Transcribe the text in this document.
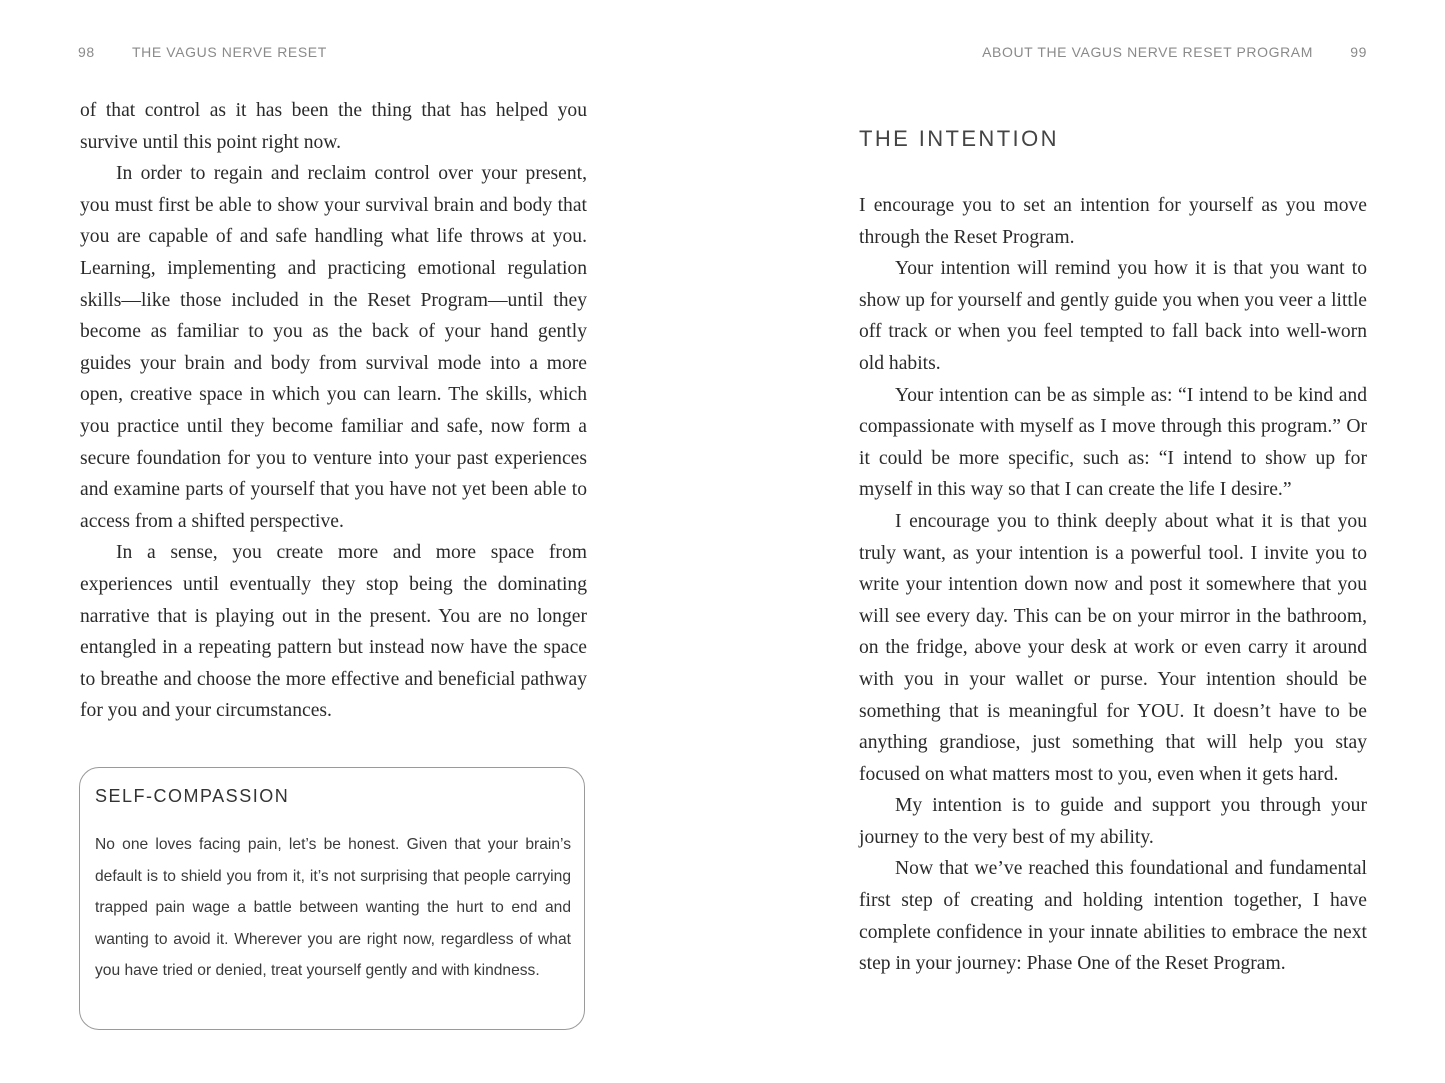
98	THE VAGUS NERVE RESET

of that control as it has been the thing that has helped you survive until this point right now.

In order to regain and reclaim control over your present, you must first be able to show your survival brain and body that you are capable of and safe handling what life throws at you. Learning, implementing and practicing emotional regulation skills—like those included in the Reset Program—until they become as familiar to you as the back of your hand gently guides your brain and body from survival mode into a more open, creative space in which you can learn. The skills, which you practice until they become familiar and safe, now form a secure foundation for you to venture into your past experiences and examine parts of yourself that you have not yet been able to access from a shifted perspective.

In a sense, you create more and more space from experiences until eventually they stop being the dominating narrative that is playing out in the present. You are no longer entangled in a repeating pattern but instead now have the space to breathe and choose the more effective and beneficial pathway for you and your circumstances.

SELF-COMPASSION

No one loves facing pain, let’s be honest. Given that your brain’s default is to shield you from it, it’s not surprising that people carrying trapped pain wage a battle between wanting the hurt to end and wanting to avoid it. Wherever you are right now, regardless of what you have tried or denied, treat yourself gently and with kindness.

ABOUT THE VAGUS NERVE RESET PROGRAM	99
THE INTENTION

I encourage you to set an intention for yourself as you move through the Reset Program.

Your intention will remind you how it is that you want to show up for yourself and gently guide you when you veer a little off track or when you feel tempted to fall back into well-worn old habits.

Your intention can be as simple as: “I intend to be kind and compassionate with myself as I move through this program.” Or it could be more specific, such as: “I intend to show up for myself in this way so that I can create the life I desire.”

I encourage you to think deeply about what it is that you truly want, as your intention is a powerful tool. I invite you to write your intention down now and post it somewhere that you will see every day. This can be on your mirror in the bathroom, on the fridge, above your desk at work or even carry it around with you in your wallet or purse. Your intention should be something that is meaningful for YOU. It doesn’t have to be anything grandiose, just something that will help you stay focused on what matters most to you, even when it gets hard.

My intention is to guide and support you through your journey to the very best of my ability.

Now that we’ve reached this foundational and fundamental first step of creating and holding intention together, I have complete confidence in your innate abilities to embrace the next step in your journey: Phase One of the Reset Program.
